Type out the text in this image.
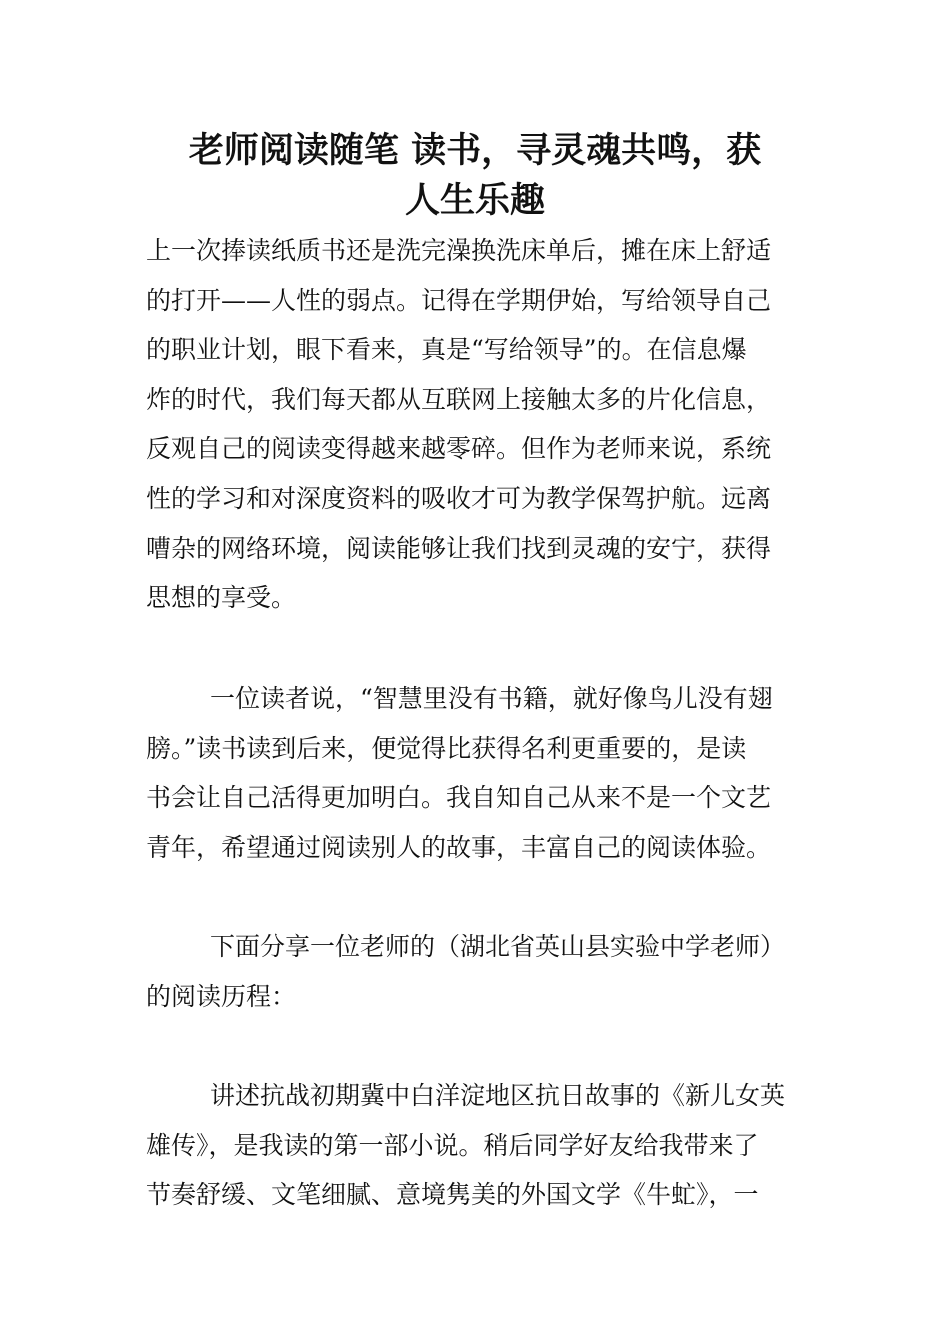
老师阅读随笔 读书，寻灵魂共鸣，获
人生乐趣
上一次捧读纸质书还是洗完澡换洗床单后，摊在床上舒适
的打开——人性的弱点。记得在学期伊始，写给领导自己
的职业计划，眼下看来，真是“写给领导”的。在信息爆
炸的时代，我们每天都从互联网上接触太多的片化信息，
反观自己的阅读变得越来越零碎。但作为老师来说，系统
性的学习和对深度资料的吸收才可为教学保驾护航。远离
嘈杂的网络环境，阅读能够让我们找到灵魂的安宁，获得
思想的享受。
一位读者说，“智慧里没有书籍，就好像鸟儿没有翅
膀。”读书读到后来，便觉得比获得名利更重要的，是读
书会让自己活得更加明白。我自知自己从来不是一个文艺
青年，希望通过阅读别人的故事，丰富自己的阅读体验。
下面分享一位老师的（湖北省英山县实验中学老师）
的阅读历程：
讲述抗战初期冀中白洋淀地区抗日故事的《新儿女英
雄传》，是我读的第一部小说。稍后同学好友给我带来了
节奏舒缓、文笔细腻、意境隽美的外国文学《牛虻》，一
